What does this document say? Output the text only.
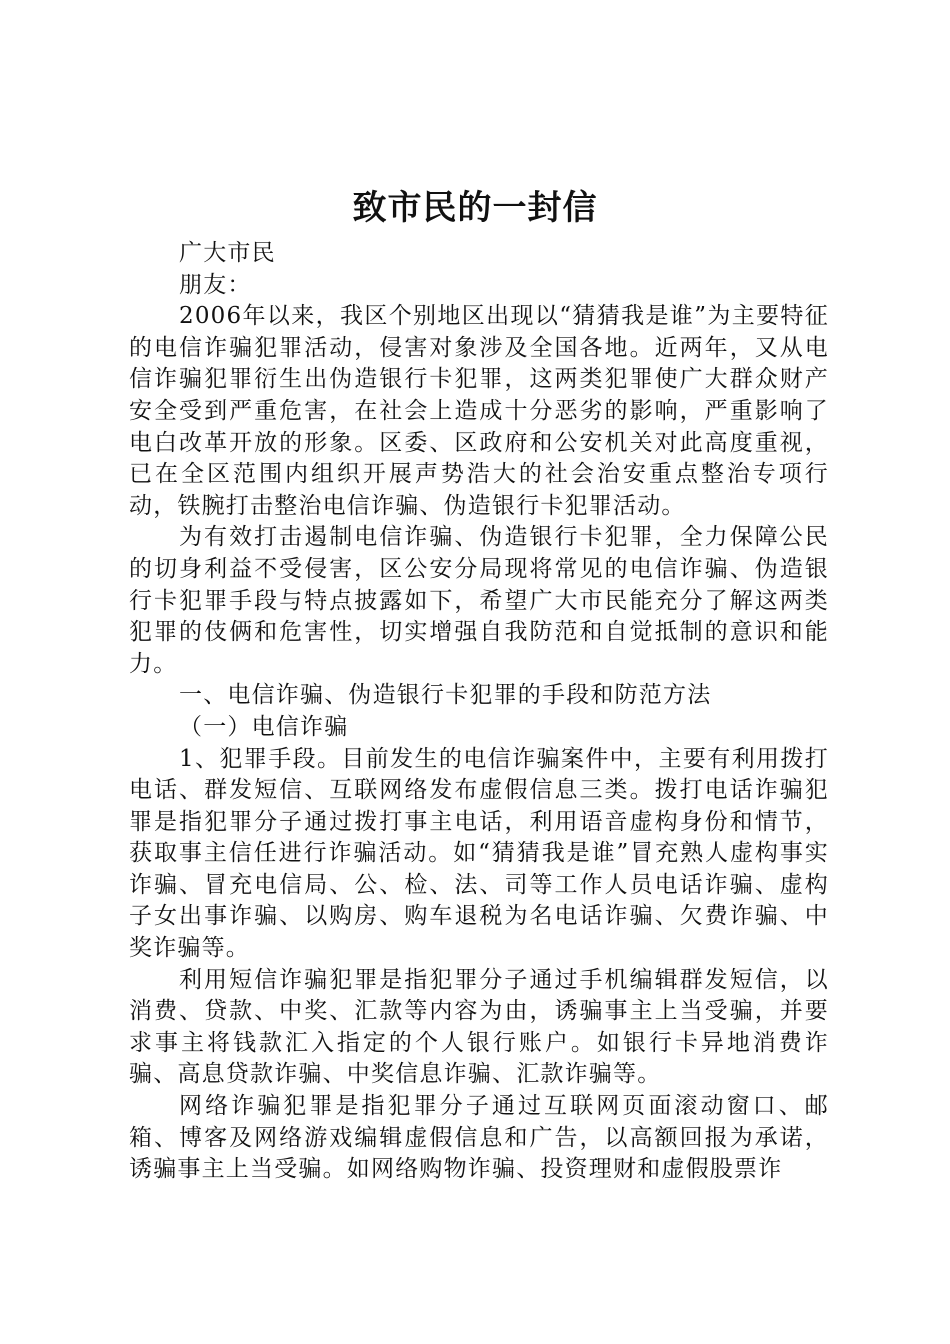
致市民的一封信

广大市民

朋友：

2006年以来，我区个别地区出现以“猜猜我是谁”为主要特征的电信诈骗犯罪活动，侵害对象涉及全国各地。近两年，又从电信诈骗犯罪衍生出伪造银行卡犯罪，这两类犯罪使广大群众财产安全受到严重危害，在社会上造成十分恶劣的影响，严重影响了电白改革开放的形象。区委、区政府和公安机关对此高度重视，已在全区范围内组织开展声势浩大的社会治安重点整治专项行动，铁腕打击整治电信诈骗、伪造银行卡犯罪活动。

为有效打击遏制电信诈骗、伪造银行卡犯罪，全力保障公民的切身利益不受侵害，区公安分局现将常见的电信诈骗、伪造银行卡犯罪手段与特点披露如下，希望广大市民能充分了解这两类犯罪的伎俩和危害性，切实增强自我防范和自觉抵制的意识和能力。

一、电信诈骗、伪造银行卡犯罪的手段和防范方法

（一）电信诈骗

1、犯罪手段。目前发生的电信诈骗案件中，主要有利用拨打电话、群发短信、互联网络发布虚假信息三类。拨打电话诈骗犯罪是指犯罪分子通过拨打事主电话，利用语音虚构身份和情节，获取事主信任进行诈骗活动。如“猜猜我是谁”冒充熟人虚构事实诈骗、冒充电信局、公、检、法、司等工作人员电话诈骗、虚构子女出事诈骗、以购房、购车退税为名电话诈骗、欠费诈骗、中奖诈骗等。

利用短信诈骗犯罪是指犯罪分子通过手机编辑群发短信，以消费、贷款、中奖、汇款等内容为由，诱骗事主上当受骗，并要求事主将钱款汇入指定的个人银行账户。如银行卡异地消费诈骗、高息贷款诈骗、中奖信息诈骗、汇款诈骗等。

网络诈骗犯罪是指犯罪分子通过互联网页面滚动窗口、邮箱、博客及网络游戏编辑虚假信息和广告，以高额回报为承诺，诱骗事主上当受骗。如网络购物诈骗、投资理财和虚假股票诈
